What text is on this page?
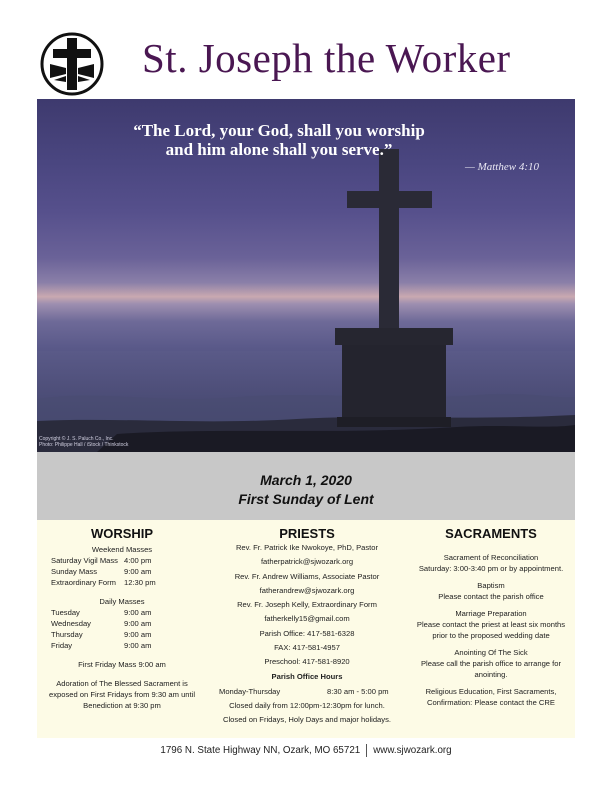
St. Joseph the Worker
“The Lord, your God, shall you worship
and him alone shall you serve.”
— Matthew 4:10
Copyright © J. S. Paluch Co., Inc.
Photo: Philippe Hall / iStock / Thinkstock
March 1, 2020
First Sunday of Lent
WORSHIP
Weekend Masses
Saturday Vigil Mass 4:00 pm
Sunday Mass	9:00 am
Extraordinary Form	12:30 pm
Daily Masses
Tuesday	9:00 am
Wednesday	9:00 am
Thursday	9:00 am
Friday	9:00 am
First Friday Mass 9:00 am
Adoration of The Blessed Sacrament is
exposed on First Fridays from 9:30 am until
Benediction at 9:30 pm
PRIESTS
Rev. Fr. Patrick Ike Nwokoye, PhD, Pastor
fatherpatrick@sjwozark.org
Rev. Fr. Andrew Williams, Associate Pastor
fatherandrew@sjwozark.org
Rev. Fr. Joseph Kelly, Extraordinary Form
fatherkelly15@gmail.com
Parish Office: 417-581-6328
FAX: 417-581-4957
Preschool: 417-581-8920
Parish Office Hours
Monday-Thursday	8:30 am - 5:00 pm
Closed daily from 12:00pm-12:30pm for lunch.
Closed on Fridays, Holy Days and major holidays.
SACRAMENTS
Sacrament of Reconciliation
Saturday: 3:00-3:40 pm or by appointment.
Baptism
Please contact the parish office
Marriage Preparation
Please contact the priest at least six months prior to the proposed wedding date
Anointing Of The Sick
Please call the parish office to arrange for anointing.
Religious Education, First Sacraments, Confirmation: Please contact the CRE
1796 N. State Highway NN, Ozark, MO 65721 www.sjwozark.org
